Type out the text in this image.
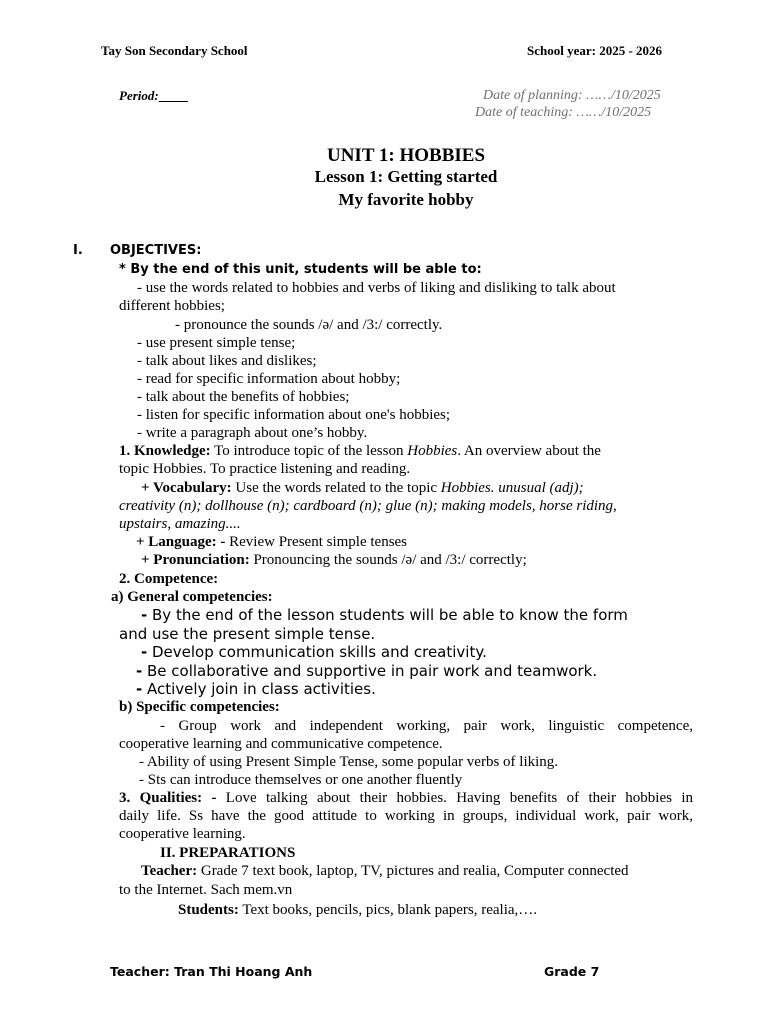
Tay Son Secondary School	School year: 2025 - 2026
Period:	Date of planning: ……/10/2025
Date of teaching: ……/10/2025
UNIT 1: HOBBIES
Lesson 1: Getting started
My favorite hobby
I. OBJECTIVES:
* By the end of this unit, students will be able to:
- use the words related to hobbies and verbs of liking and disliking to talk about
different hobbies;
- pronounce the sounds /ə/ and /3:/ correctly.
- use present simple tense;
- talk about likes and dislikes;
- read for specific information about hobby;
- talk about the benefits of hobbies;
- listen for specific information about one's hobbies;
- write a paragraph about one’s hobby.
1. Knowledge: To introduce topic of the lesson Hobbies. An overview about the
topic Hobbies. To practice listening and reading.
+ Vocabulary: Use the words related to the topic Hobbies. unusual (adj);
creativity (n); dollhouse (n); cardboard (n); glue (n); making models, horse riding,
upstairs, amazing....
+ Language: - Review Present simple tenses
+ Pronunciation: Pronouncing the sounds /ə/ and /3:/ correctly;
2. Competence:
a) General competencies:
- By the end of the lesson students will be able to know the form
and use the present simple tense.
- Develop communication skills and creativity.
- Be collaborative and supportive in pair work and teamwork.
- Actively join in class activities.
b) Specific competencies:
- Group work and independent working, pair work, linguistic competence,
cooperative learning and communicative competence.
- Ability of using Present Simple Tense, some popular verbs of liking.
- Sts can introduce themselves or one another fluently
3. Qualities: - Love talking about their hobbies. Having benefits of their hobbies in
daily life. Ss have the good attitude to working in groups, individual work, pair work,
cooperative learning.
II. PREPARATIONS
Teacher: Grade 7 text book, laptop, TV, pictures and realia, Computer connected
to the Internet. Sach mem.vn
Students: Text books, pencils, pics, blank papers, realia,….
Teacher: Tran Thi Hoang Anh	Grade 7
